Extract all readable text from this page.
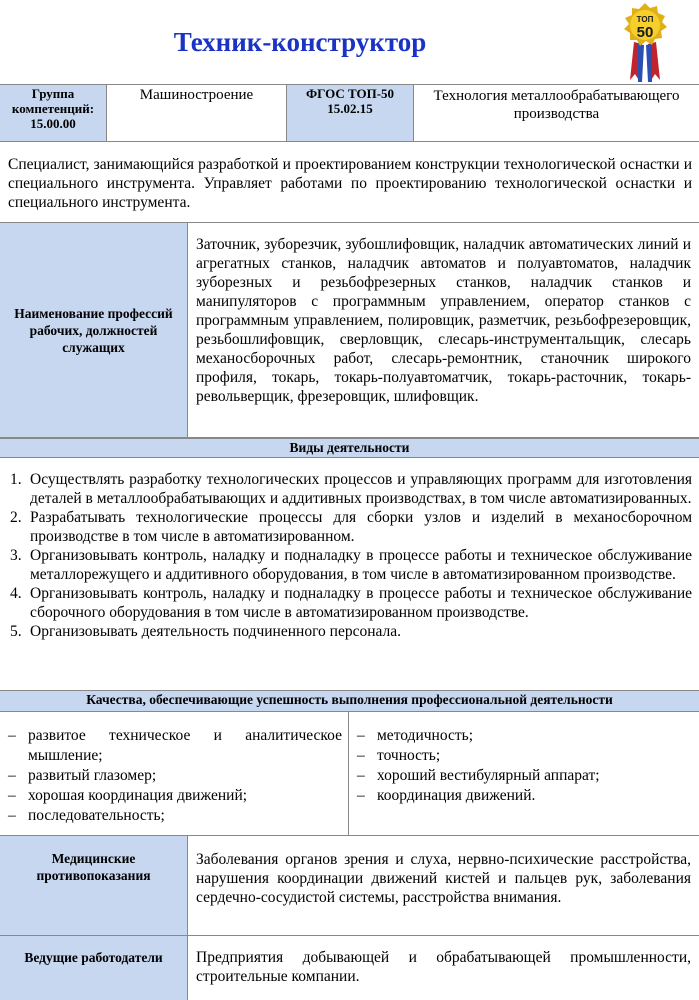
Техник-конструктор
ТОП
50
Группа компетенций: 15.00.00
Машиностроение	ФГОС ТОП-50 15.02.15
Технология металлообрабатывающего производства
Специалист, занимающийся разработкой и проектированием конструкции технологической оснастки и специального инструмента. Управляет работами по проектированию технологической оснастки и специального инструмента.
Наименование профессий рабочих, должностей служащих
Заточник, зуборезчик, зубошлифовщик, наладчик автоматических линий и агрегатных станков, наладчик автоматов и полуавтоматов, наладчик зуборезных и резьбофрезерных станков, наладчик станков и манипуляторов с программным управлением, оператор станков с программным управлением, полировщик, разметчик, резьбофрезеровщик, резьбошлифовщик, сверловщик, слесарь-инструментальщик, слесарь механосборочных работ, слесарь-ремонтник, станочник широкого профиля, токарь, токарь-полуавтоматчик, токарь-расточник, токарь-револьверщик, фрезеровщик, шлифовщик.
Виды деятельности
1. Осуществлять разработку технологических процессов и управляющих программ для изготовления деталей в металлообрабатывающих и аддитивных производствах, в том числе автоматизированных.
2. Разрабатывать технологические процессы для сборки узлов и изделий в механосборочном производстве в том числе в автоматизированном.
3. Организовывать контроль, наладку и подналадку в процессе работы и техническое обслуживание металлорежущего и аддитивного оборудования, в том числе в автоматизированном производстве.
4. Организовывать контроль, наладку и подналадку в процессе работы и техническое обслуживание сборочного оборудования в том числе в автоматизированном производстве.
5. Организовывать деятельность подчиненного персонала.
Качества, обеспечивающие успешность выполнения профессиональной деятельности
– развитое техническое и аналитическое мышление;
– развитый глазомер;
– хорошая координация движений;
– последовательность;
– методичность;
– точность;
– хороший вестибулярный аппарат;
– координация движений.
Медицинские противопоказания
Заболевания органов зрения и слуха, нервно-психические расстройства, нарушения координации движений кистей и пальцев рук, заболевания сердечно-сосудистой системы, расстройства внимания.
Ведущие работодатели	Предприятия добывающей и обрабатывающей промышленности, строительные компании.
